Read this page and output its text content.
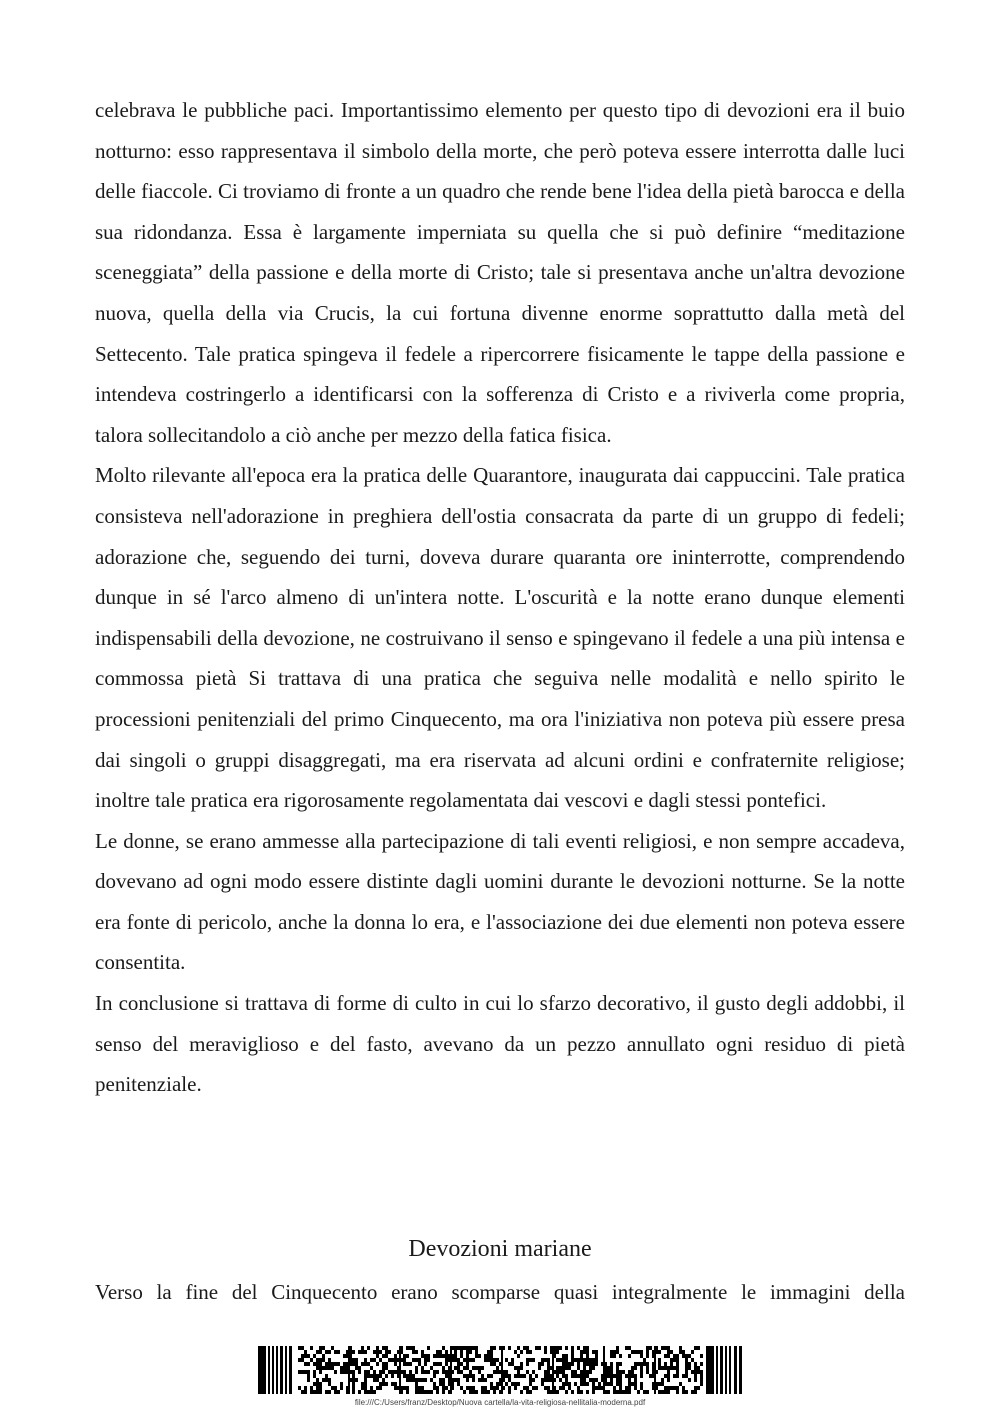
celebrava le pubbliche paci. Importantissimo elemento per questo tipo di devozioni era il buio notturno: esso rappresentava il simbolo della morte, che però poteva essere interrotta dalle luci delle fiaccole. Ci troviamo di fronte a un quadro che rende bene l'idea della pietà barocca e della sua ridondanza. Essa è largamente imperniata su quella che si può definire “meditazione sceneggiata” della passione e della morte di Cristo; tale si presentava anche un'altra devozione nuova, quella della via Crucis, la cui fortuna divenne enorme soprattutto dalla metà del Settecento. Tale pratica spingeva il fedele a ripercorrere fisicamente le tappe della passione e intendeva costringerlo a identificarsi con la sofferenza di Cristo e a riviverla come propria, talora sollecitandolo a ciò anche per mezzo della fatica fisica.

Molto rilevante all'epoca era la pratica delle Quarantore, inaugurata dai cappuccini. Tale pratica consisteva nell'adorazione in preghiera dell'ostia consacrata da parte di un gruppo di fedeli; adorazione che, seguendo dei turni, doveva durare quaranta ore ininterrotte, comprendendo dunque in sé l'arco almeno di un'intera notte. L'oscurità e la notte erano dunque elementi indispensabili della devozione, ne costruivano il senso e spingevano il fedele a una più intensa e commossa pietà Si trattava di una pratica che seguiva nelle modalità e nello spirito le processioni penitenziali del primo Cinquecento, ma ora l'iniziativa non poteva più essere presa dai singoli o gruppi disaggregati, ma era riservata ad alcuni ordini e confraternite religiose; inoltre tale pratica era rigorosamente regolamentata dai vescovi e dagli stessi pontefici.

Le donne, se erano ammesse alla partecipazione di tali eventi religiosi, e non sempre accadeva, dovevano ad ogni modo essere distinte dagli uomini durante le devozioni notturne. Se la notte era fonte di pericolo, anche la donna lo era, e l'associazione dei due elementi non poteva essere consentita.

In conclusione si trattava di forme di culto in cui lo sfarzo decorativo, il gusto degli addobbi, il senso del meraviglioso e del fasto, avevano da un pezzo annullato ogni residuo di pietà penitenziale.

Devozioni mariane

Verso la fine del Cinquecento erano scomparse quasi integralmente le immagini della

file:///C:/Users/franz/Desktop/Nuova cartella/la-vita-religiosa-nellitalia-moderna.pdf
